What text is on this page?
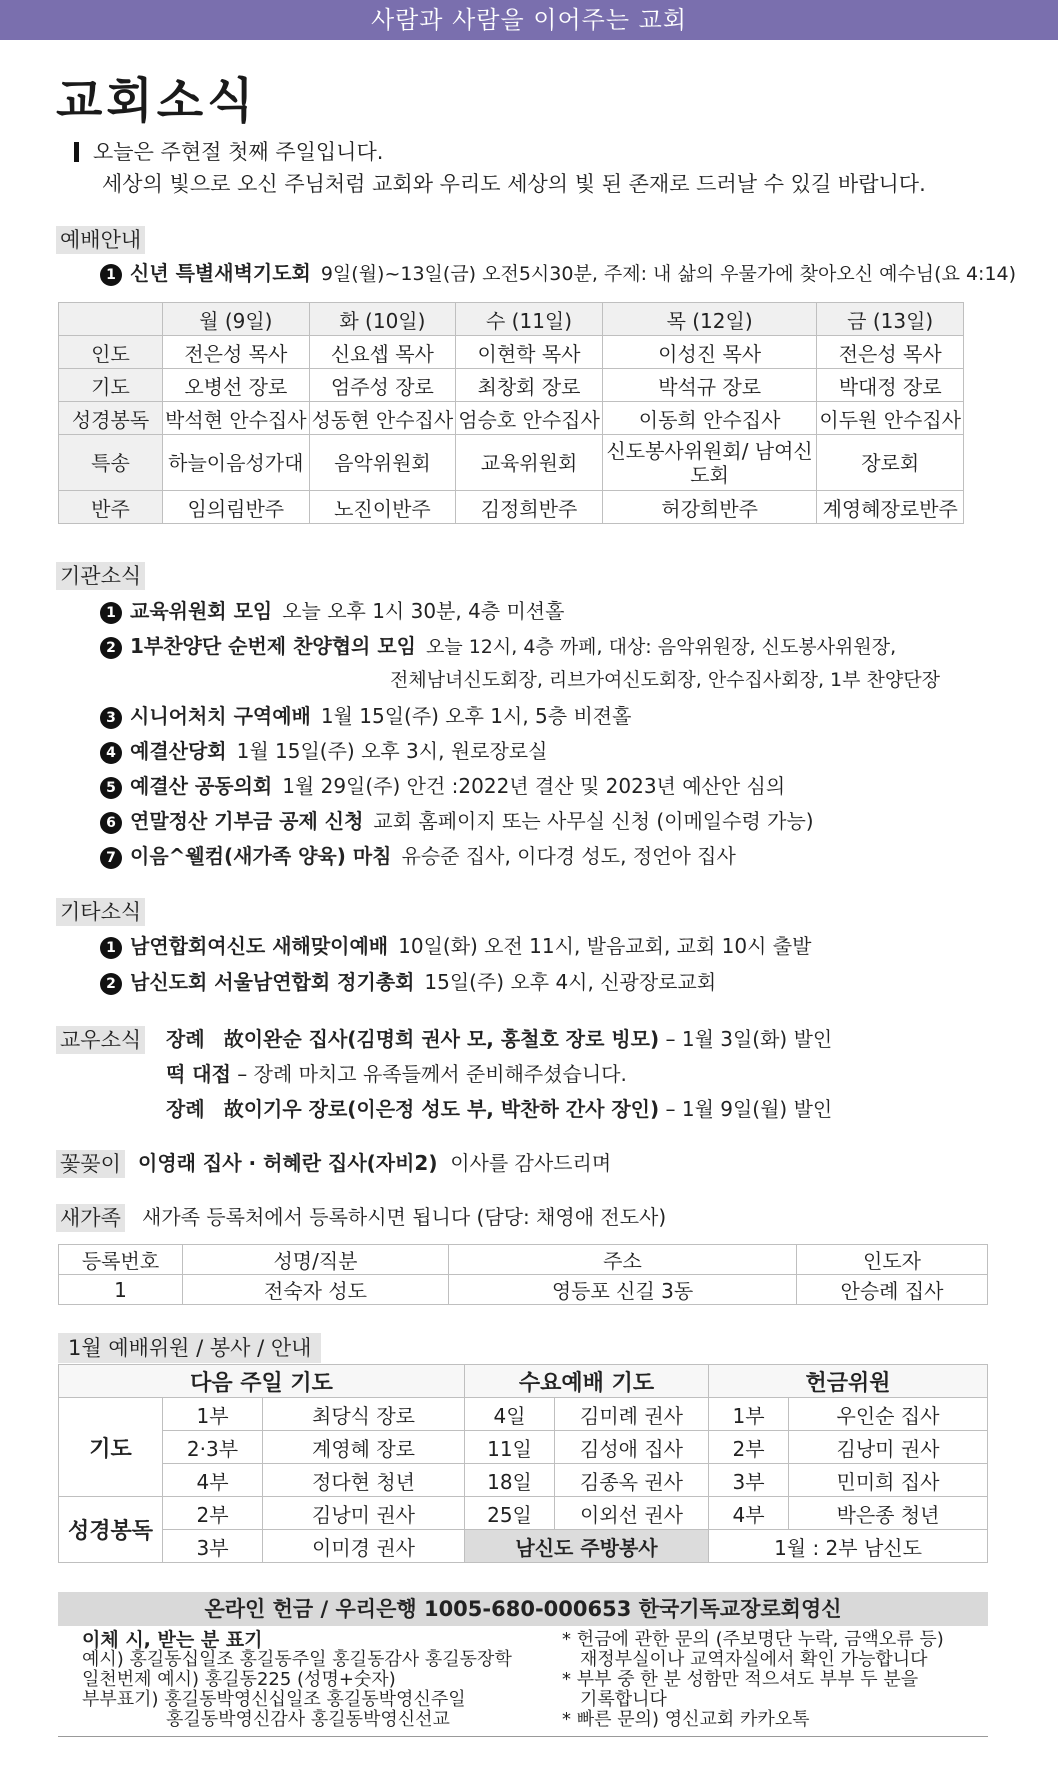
사람과 사람을 이어주는 교회
교회소식
오늘은 주현절 첫째 주일입니다.
세상의 빛으로 오신 주님처럼 교회와 우리도 세상의 빛 된 존재로 드러날 수 있길 바랍니다.
예배안내
1 신년 특별새벽기도회 9일(월)~13일(금) 오전5시30분, 주제: 내 삶의 우물가에 찾아오신 예수님(요 4:14)
	월 (9일)	화 (10일)	수 (11일)	목 (12일)	금 (13일)
인도	전은성 목사	신요셉 목사	이현학 목사	이성진 목사	전은성 목사
기도	오병선 장로	엄주성 장로	최창회 장로	박석규 장로	박대정 장로
성경봉독	박석현 안수집사	성동현 안수집사	엄승호 안수집사	이동희 안수집사	이두원 안수집사
특송	하늘이음성가대	음악위원회	교육위원회	신도봉사위원회/ 남여신도회	장로회
반주	임의림반주	노진이반주	김정희반주	허강희반주	계영혜장로반주
기관소식
1 교육위원회 모임 오늘 오후 1시 30분, 4층 미션홀
2 1부찬양단 순번제 찬양협의 모임 오늘 12시, 4층 까페, 대상: 음악위원장, 신도봉사위원장,
전체남녀신도회장, 리브가여신도회장, 안수집사회장, 1부 찬양단장
3 시니어처치 구역예배 1월 15일(주) 오후 1시, 5층 비젼홀
4 예결산당회 1월 15일(주) 오후 3시, 원로장로실
5 예결산 공동의회 1월 29일(주) 안건 :2022년 결산 및 2023년 예산안 심의
6 연말정산 기부금 공제 신청 교회 홈페이지 또는 사무실 신청 (이메일수령 가능)
7 이음^웰컴(새가족 양육) 마침 유승준 집사, 이다경 성도, 정언아 집사
기타소식
1 남연합회여신도 새해맞이예배 10일(화) 오전 11시, 발음교회, 교회 10시 출발
2 남신도회 서울남연합회 정기총회 15일(주) 오후 4시, 신광장로교회
교우소식 장례 故이완순 집사(김명희 권사 모, 홍철호 장로 빙모) – 1월 3일(화) 발인
떡 대접 – 장례 마치고 유족들께서 준비해주셨습니다.
장례 故이기우 장로(이은정 성도 부, 박찬하 간사 장인) – 1월 9일(월) 발인
꽃꽂이 이영래 집사 · 허혜란 집사(자비2) 이사를 감사드리며
새가족 새가족 등록처에서 등록하시면 됩니다 (담당: 채영애 전도사)
등록번호	성명/직분	주소	인도자
1	전숙자 성도	영등포 신길 3동	안승례 집사
1월 예배위원 / 봉사 / 안내
다음 주일 기도			수요예배 기도		헌금위원	
기도	1부	최당식 장로	4일	김미례 권사	1부	우인순 집사
	2·3부	계영혜 장로	11일	김성애 집사	2부	김낭미 권사
	4부	정다현 청년	18일	김종옥 권사	3부	민미희 집사
성경봉독	2부	김낭미 권사	25일	이외선 권사	4부	박은종 청년
	3부	이미경 권사	남신도 주방봉사		1월 : 2부 남신도	
온라인 헌금 / 우리은행 1005-680-000653 한국기독교장로회영신
이체 시, 받는 분 표기
예시) 홍길동십일조 홍길동주일 홍길동감사 홍길동장학
일천번제 예시) 홍길동225 (성명+숫자)
부부표기) 홍길동박영신십일조 홍길동박영신주일
홍길동박영신감사 홍길동박영신선교
* 헌금에 관한 문의 (주보명단 누락, 금액오류 등)
재정부실이나 교역자실에서 확인 가능합니다
* 부부 중 한 분 성함만 적으셔도 부부 두 분을
기록합니다
* 빠른 문의) 영신교회 카카오톡
